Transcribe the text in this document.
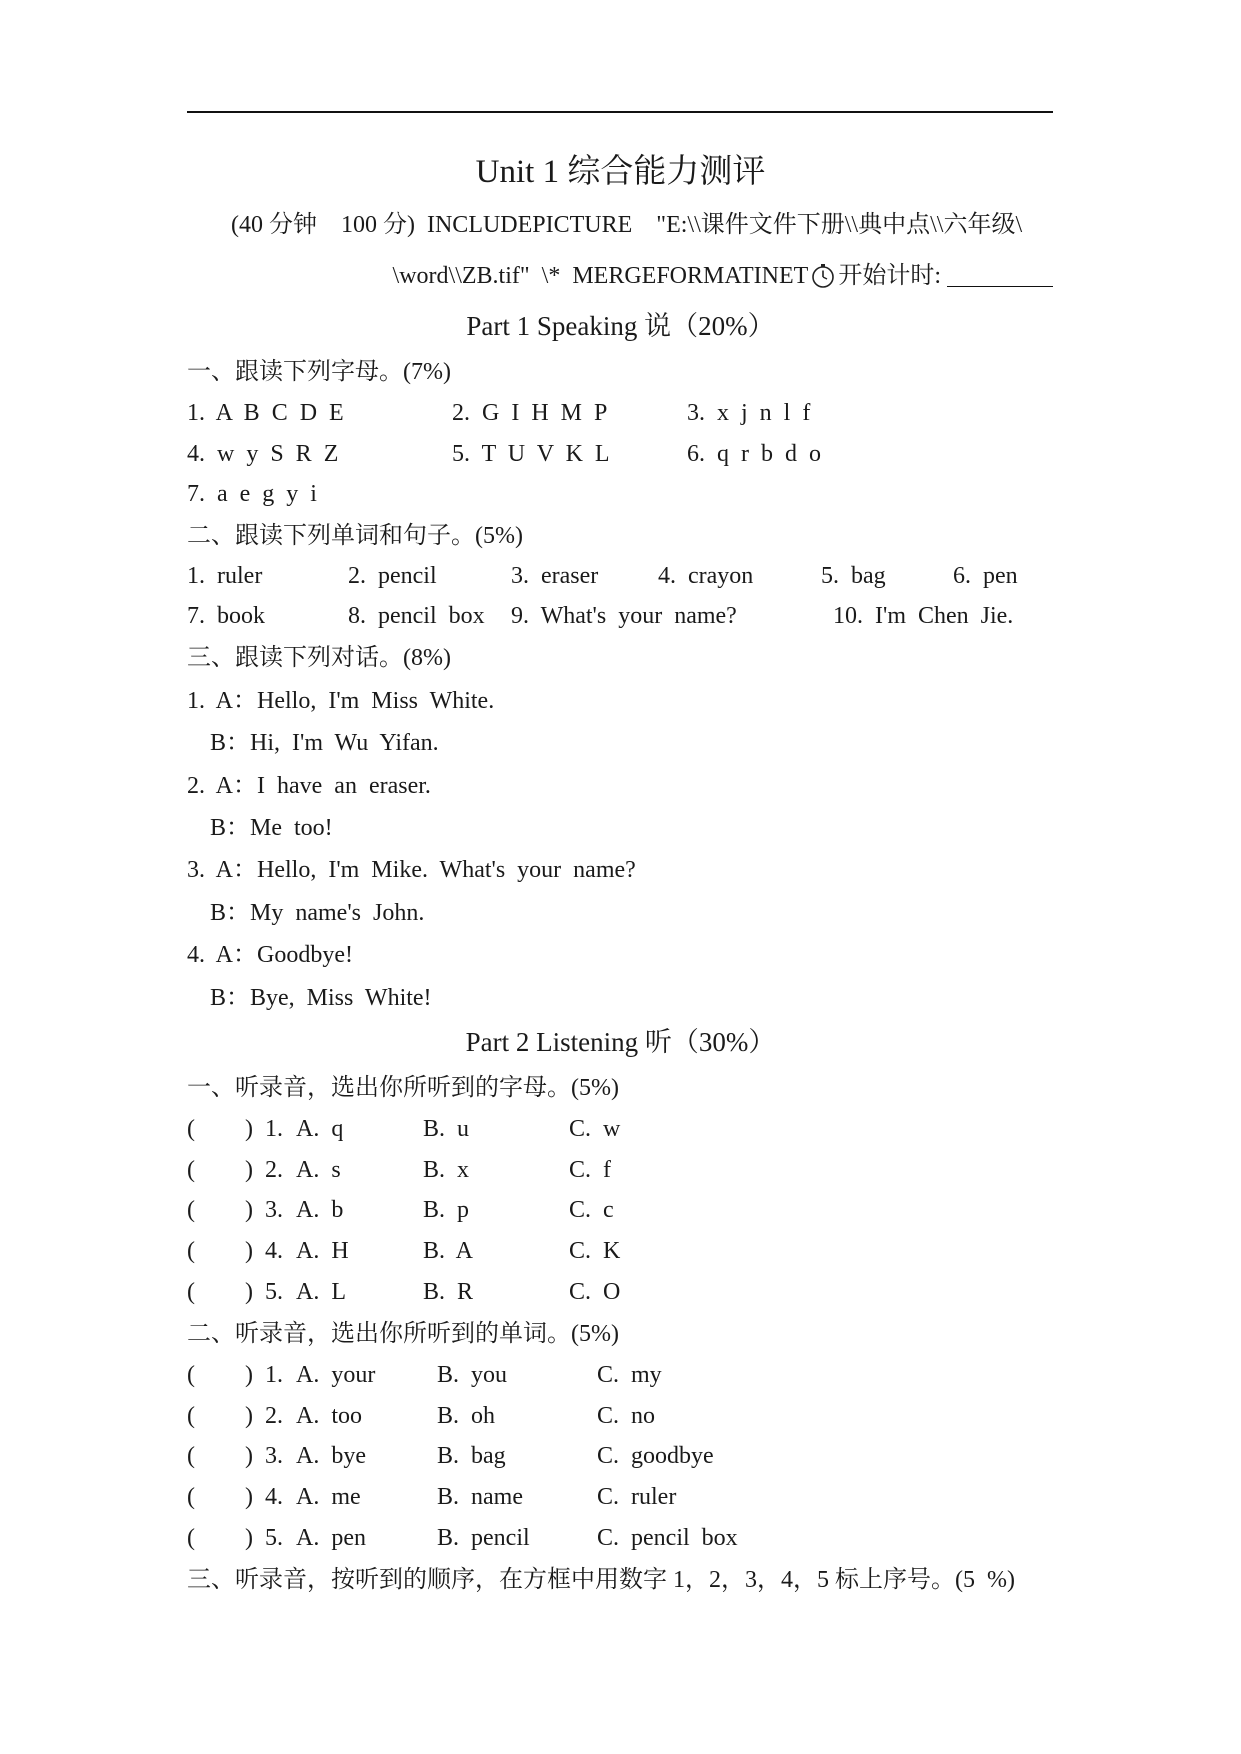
Unit 1 综合能力测评
(40 分钟    100 分)  INCLUDEPICTURE    "E:\\课件文件下册\\典中点\\六年级\
\word\\ZB.tif"  \*  MERGEFORMATINET 开始计时:
Part 1 Speaking 说（20%）
一、跟读下列字母。(7%)
1.  A  B  C  D  E	2.  G  I  H  M  P	3.  x  j  n  l  f
4.  w  y  S  R  Z	5.  T  U  V  K  L	6.  q  r  b  d  o
7.  a  e  g  y  i
二、跟读下列单词和句子。(5%)
1.  ruler	2.  pencil	3.  eraser 4.  crayon	5.  bag	6.  pen
7.  book	8.  pencil  box 9.  What's  your  name?	10.  I'm  Chen  Jie.
三、跟读下列对话。(8%)
1.  A：Hello,  I'm  Miss  White.
B：Hi,  I'm  Wu  Yifan.
2.  A：I  have  an  eraser.
B：Me  too!
3.  A：Hello,  I'm  Mike.  What's  your  name?
B：My  name's  John.
4.  A：Goodbye!
B：Bye,  Miss  White!
Part 2 Listening 听（30%）
一、听录音，选出你所听到的字母。(5%)
( ) 1. A.  q	B.  u	C.  w
( ) 2. A.  s	B.  x	C.  f
( ) 3. A.  b	B.  p	C.  c
( ) 4. A.  H	B.  A	C.  K
( ) 5. A.  L	B.  R	C.  O
二、听录音，选出你所听到的单词。(5%)
( ) 1. A.  your	B.  you	C.  my
( ) 2. A.  too	B.  oh	C.  no
( ) 3. A.  bye	B.  bag	C.  goodbye
( ) 4. A.  me	B.  name	C.  ruler
( ) 5. A.  pen	B.  pencil	C.  pencil  box
三、听录音，按听到的顺序，在方框中用数字 1，2，3，4，5 标上序号。(5  %)
